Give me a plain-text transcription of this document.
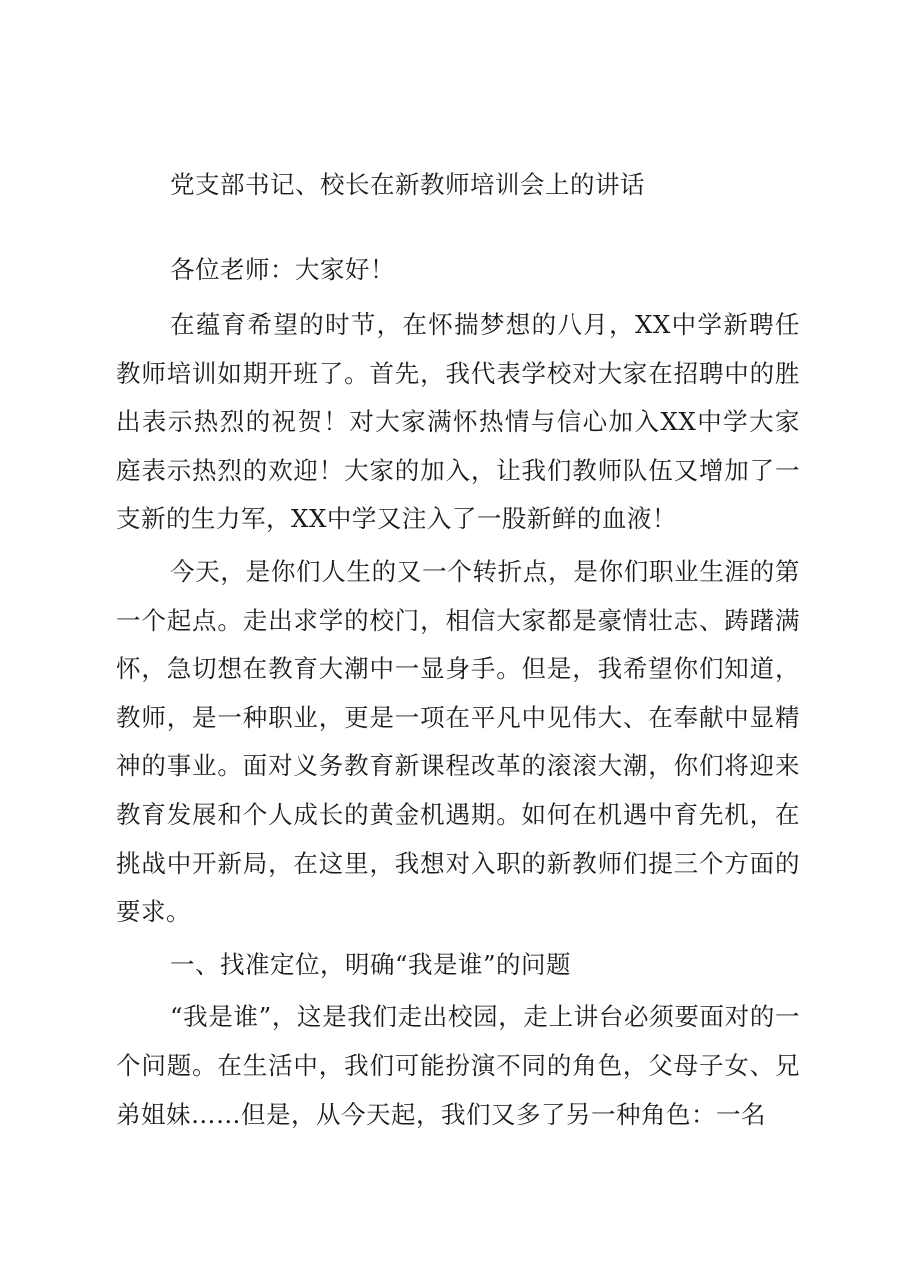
党支部书记、校长在新教师培训会上的讲话

各位老师：大家好！

在蕴育希望的时节，在怀揣梦想的八月，XX中学新聘任教师培训如期开班了。首先，我代表学校对大家在招聘中的胜出表示热烈的祝贺！对大家满怀热情与信心加入XX中学大家庭表示热烈的欢迎！大家的加入，让我们教师队伍又增加了一支新的生力军，XX中学又注入了一股新鲜的血液！

今天，是你们人生的又一个转折点，是你们职业生涯的第一个起点。走出求学的校门，相信大家都是豪情壮志、踌躇满怀，急切想在教育大潮中一显身手。但是，我希望你们知道，教师，是一种职业，更是一项在平凡中见伟大、在奉献中显精神的事业。面对义务教育新课程改革的滚滚大潮，你们将迎来教育发展和个人成长的黄金机遇期。如何在机遇中育先机，在挑战中开新局，在这里，我想对入职的新教师们提三个方面的要求。

一、找准定位，明确“我是谁”的问题

“我是谁”，这是我们走出校园，走上讲台必须要面对的一个问题。在生活中，我们可能扮演不同的角色，父母子女、兄弟姐妹……但是，从今天起，我们又多了另一种角色：一名
